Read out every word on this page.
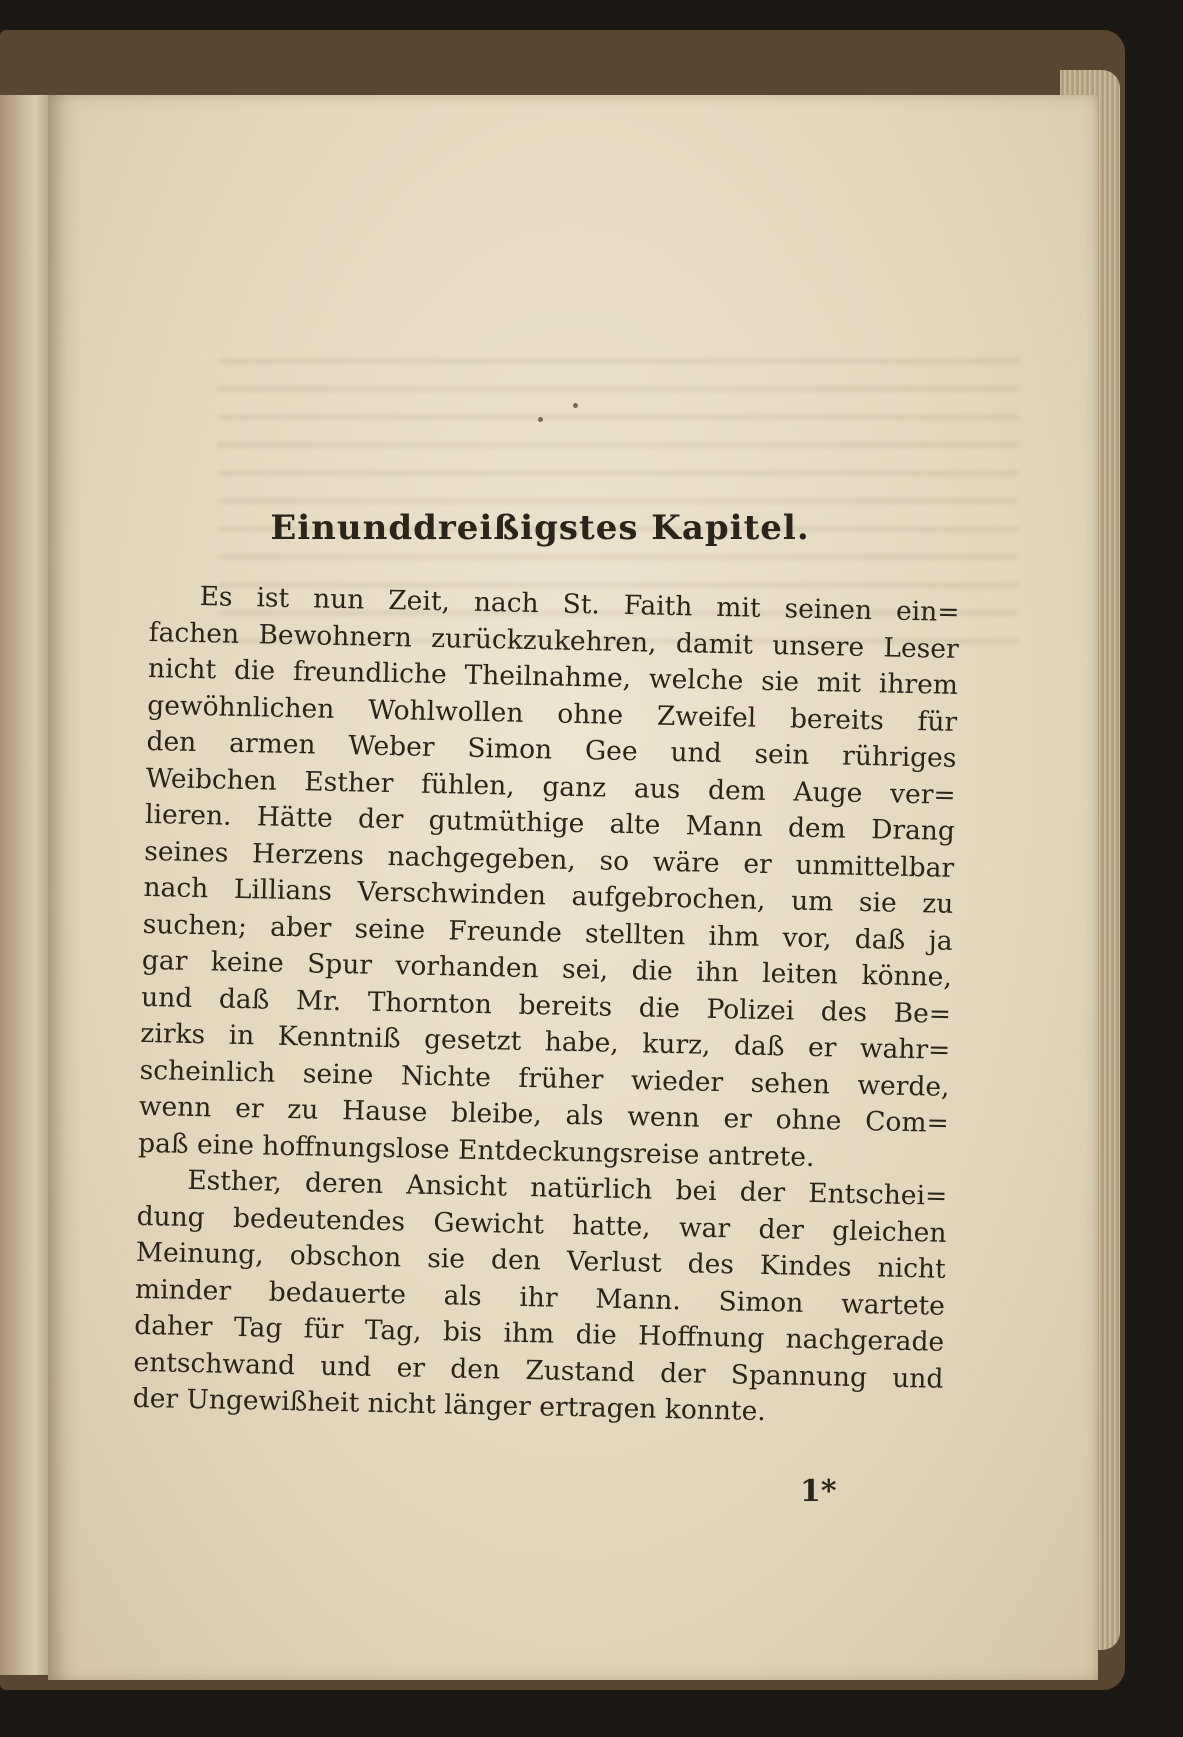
Einunddreißigstes Kapitel.
Es ist nun Zeit, nach St. Faith mit seinen ein=
fachen Bewohnern zurückzukehren, damit unsere Leser
nicht die freundliche Theilnahme, welche sie mit ihrem
gewöhnlichen Wohlwollen ohne Zweifel bereits für
den armen Weber Simon Gee und sein rühriges
Weibchen Esther fühlen, ganz aus dem Auge ver=
lieren. Hätte der gutmüthige alte Mann dem Drang
seines Herzens nachgegeben, so wäre er unmittelbar
nach Lillians Verschwinden aufgebrochen, um sie zu
suchen; aber seine Freunde stellten ihm vor, daß ja
gar keine Spur vorhanden sei, die ihn leiten könne,
und daß Mr. Thornton bereits die Polizei des Be=
zirks in Kenntniß gesetzt habe, kurz, daß er wahr=
scheinlich seine Nichte früher wieder sehen werde,
wenn er zu Hause bleibe, als wenn er ohne Com=
paß eine hoffnungslose Entdeckungsreise antrete.
Esther, deren Ansicht natürlich bei der Entschei=
dung bedeutendes Gewicht hatte, war der gleichen
Meinung, obschon sie den Verlust des Kindes nicht
minder bedauerte als ihr Mann. Simon wartete
daher Tag für Tag, bis ihm die Hoffnung nachgerade
entschwand und er den Zustand der Spannung und
der Ungewißheit nicht länger ertragen konnte.
1*
